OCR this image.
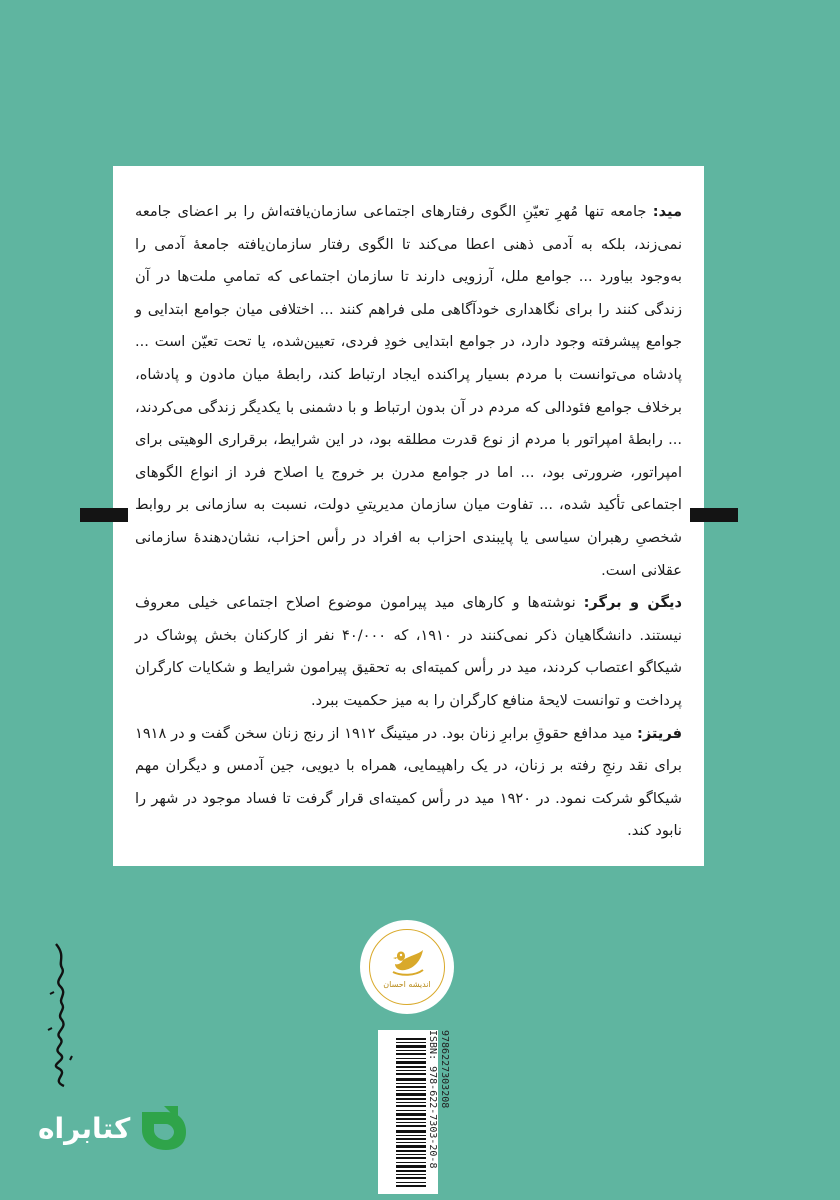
مید: جامعه تنها مُهرِ تعیّنِ الگوی رفتارهای اجتماعی سازمان‌یافته‌اش را بر اعضای جامعه نمی‌زند، بلکه به آدمی ذهنی اعطا می‌کند تا الگوی رفتار سازمان‌یافته جامعهٔ آدمی را به‌وجود بیاورد ... جوامع ملل، آرزویی دارند تا سازمان اجتماعی که تمامیِ ملت‌ها در آن زندگی کنند را برای نگاهداری خودآگاهی ملی فراهم کنند ... اختلافی میان جوامع ابتدایی و جوامع پیشرفته وجود دارد، در جوامع ابتدایی خودِ فردی، تعیین‌شده، یا تحت تعیّن است ... پادشاه می‌توانست با مردم بسیار پراکنده ایجاد ارتباط کند، رابطهٔ میان مادون و پادشاه، برخلاف جوامع فئودالی که مردم در آن بدون ارتباط و با دشمنی با یکدیگر زندگی می‌کردند، ... رابطهٔ امپراتور با مردم از نوع قدرت مطلقه بود، در این شرایط، برقراری الوهیتی برای امپراتور، ضرورتی بود، ... اما در جوامع مدرن بر خروج یا اصلاح فرد از انواع الگوهای اجتماعی تأکید شده، ... تفاوت میان سازمان مدیریتیِ دولت، نسبت به سازمانی بر روابط شخصیِ رهبران سیاسی یا پایبندی احزاب به افراد در رأس احزاب، نشان‌دهندهٔ سازمانی عقلانی است.

دیگن و برگر: نوشته‌ها و کارهای مید پیرامون موضوع اصلاح اجتماعی خیلی معروف نیستند. دانشگاهیان ذکر نمی‌کنند در ۱۹۱۰، که ۴۰/۰۰۰ نفر از کارکنان بخش پوشاک در شیکاگو اعتصاب کردند، مید در رأس کمیته‌ای به تحقیق پیرامون شرایط و شکایات کارگران پرداخت و توانست لایحهٔ منافع کارگران را به میز حکمیت ببرد.

فریتز: مید مدافع حقوقِ برابرِ زنان بود. در میتینگ ۱۹۱۲ از رنج زنان سخن گفت و در ۱۹۱۸ برای نقد رنجِ رفته بر زنان، در یک راهپیمایی، همراه با دیویی، جین آدمس و دیگران مهم شیکاگو شرکت نمود. در ۱۹۲۰ مید در رأس کمیته‌ای قرار گرفت تا فساد موجود در شهر را نابود کند.

اندیشه احسان
ISBN: 978-622-7303-20-8 9786227303208
کتابراه
